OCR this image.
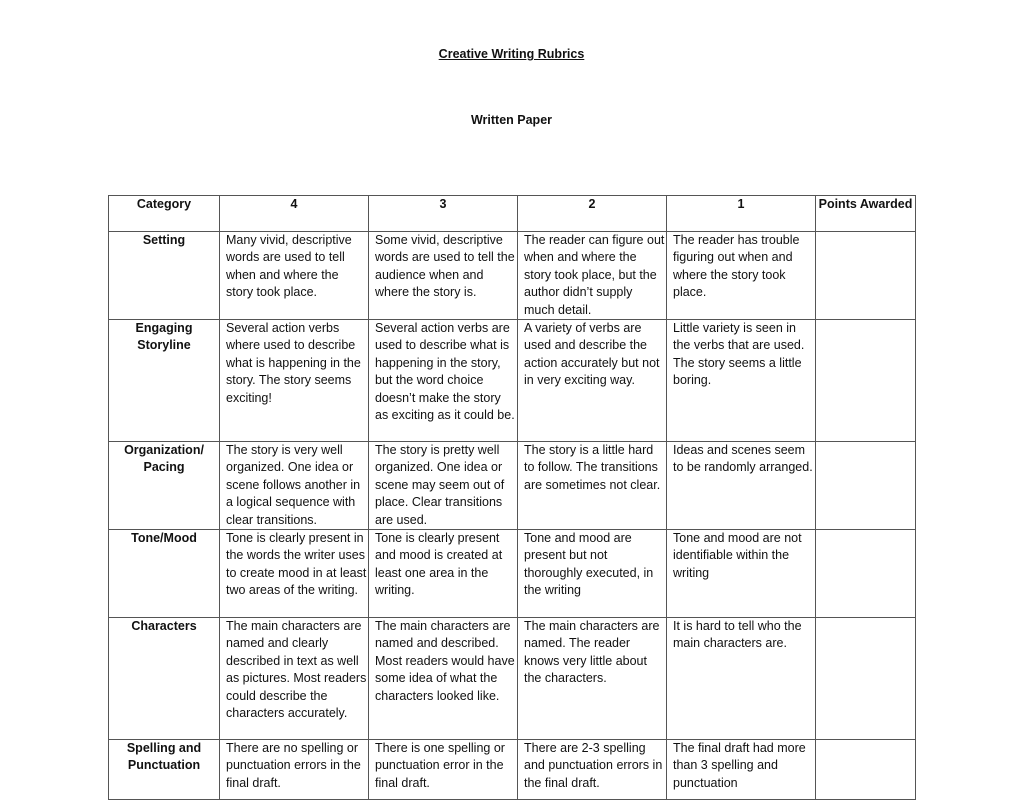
Creative Writing Rubrics
Written Paper
Category	4	3	2	1	Points Awarded
Setting	Many vivid, descriptive words are used to tell when and where the story took place.	Some vivid, descriptive words are used to tell the audience when and where the story is.	The reader can figure out when and where the story took place, but the author didn’t supply much detail.	The reader has trouble figuring out when and where the story took place.	
Engaging Storyline	Several action verbs where used to describe what is happening in the story. The story seems exciting!	Several action verbs are used to describe what is happening in the story, but the word choice doesn’t make the story as exciting as it could be.	A variety of verbs are used and describe the action accurately but not in very exciting way.	Little variety is seen in the verbs that are used. The story seems a little boring.	
Organization/ Pacing	The story is very well organized. One idea or scene follows another in a logical sequence with clear transitions.	The story is pretty well organized. One idea or scene may seem out of place. Clear transitions are used.	The story is a little hard to follow. The transitions are sometimes not clear.	Ideas and scenes seem to be randomly arranged.	
Tone/Mood	Tone is clearly present in the words the writer uses to create mood in at least two areas of the writing.	Tone is clearly present and mood is created at least one area in the writing.	Tone and mood are present but not thoroughly executed, in the writing	Tone and mood are not identifiable within the writing	
Characters	The main characters are named and clearly described in text as well as pictures. Most readers could describe the characters accurately.	The main characters are named and described. Most readers would have some idea of what the characters looked like.	The main characters are named. The reader knows very little about the characters.	It is hard to tell who the main characters are.	
Spelling and Punctuation	There are no spelling or punctuation errors in the final draft.	There is one spelling or punctuation error in the final draft.	There are 2-3 spelling and punctuation errors in the final draft.	The final draft had more than 3 spelling and punctuation	
